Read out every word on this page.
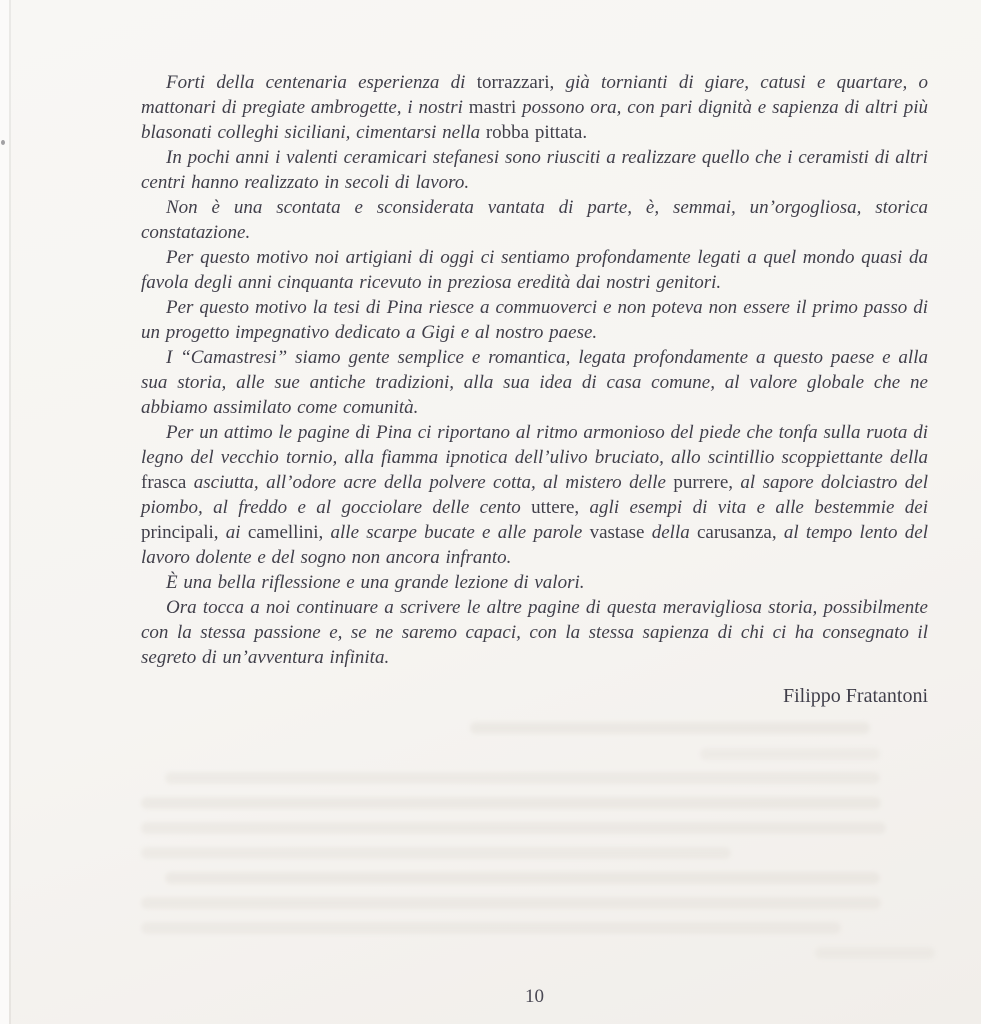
Forti della centenaria esperienza di torrazzari, già tornianti di giare, catusi e quartare, o mattonari di pregiate ambrogette, i nostri mastri possono ora, con pari dignità e sapienza di altri più blasonati colleghi siciliani, cimentarsi nella robba pittata.

In pochi anni i valenti ceramicari stefanesi sono riusciti a realizzare quello che i ceramisti di altri centri hanno realizzato in secoli di lavoro.

Non è una scontata e sconsiderata vantata di parte, è, semmai, un’orgogliosa, storica constatazione.

Per questo motivo noi artigiani di oggi ci sentiamo profondamente legati a quel mondo quasi da favola degli anni cinquanta ricevuto in preziosa eredità dai nostri genitori.

Per questo motivo la tesi di Pina riesce a commuoverci e non poteva non essere il primo passo di un progetto impegnativo dedicato a Gigi e al nostro paese.

I “Camastresi” siamo gente semplice e romantica, legata profondamente a questo paese e alla sua storia, alle sue antiche tradizioni, alla sua idea di casa comune, al valore globale che ne abbiamo assimilato come comunità.

Per un attimo le pagine di Pina ci riportano al ritmo armonioso del piede che tonfa sulla ruota di legno del vecchio tornio, alla fiamma ipnotica dell’ulivo bruciato, allo scintillio scoppiettante della frasca asciutta, all’odore acre della polvere cotta, al mistero delle purrere, al sapore dolciastro del piombo, al freddo e al gocciolare delle cento uttere, agli esempi di vita e alle bestemmie dei principali, ai camellini, alle scarpe bucate e alle parole vastase della carusanza, al tempo lento del lavoro dolente e del sogno non ancora infranto.

È una bella riflessione e una grande lezione di valori.

Ora tocca a noi continuare a scrivere le altre pagine di questa meravigliosa storia, possibilmente con la stessa passione e, se ne saremo capaci, con la stessa sapienza di chi ci ha consegnato il segreto di un’avventura infinita.

Filippo Fratantoni
10
